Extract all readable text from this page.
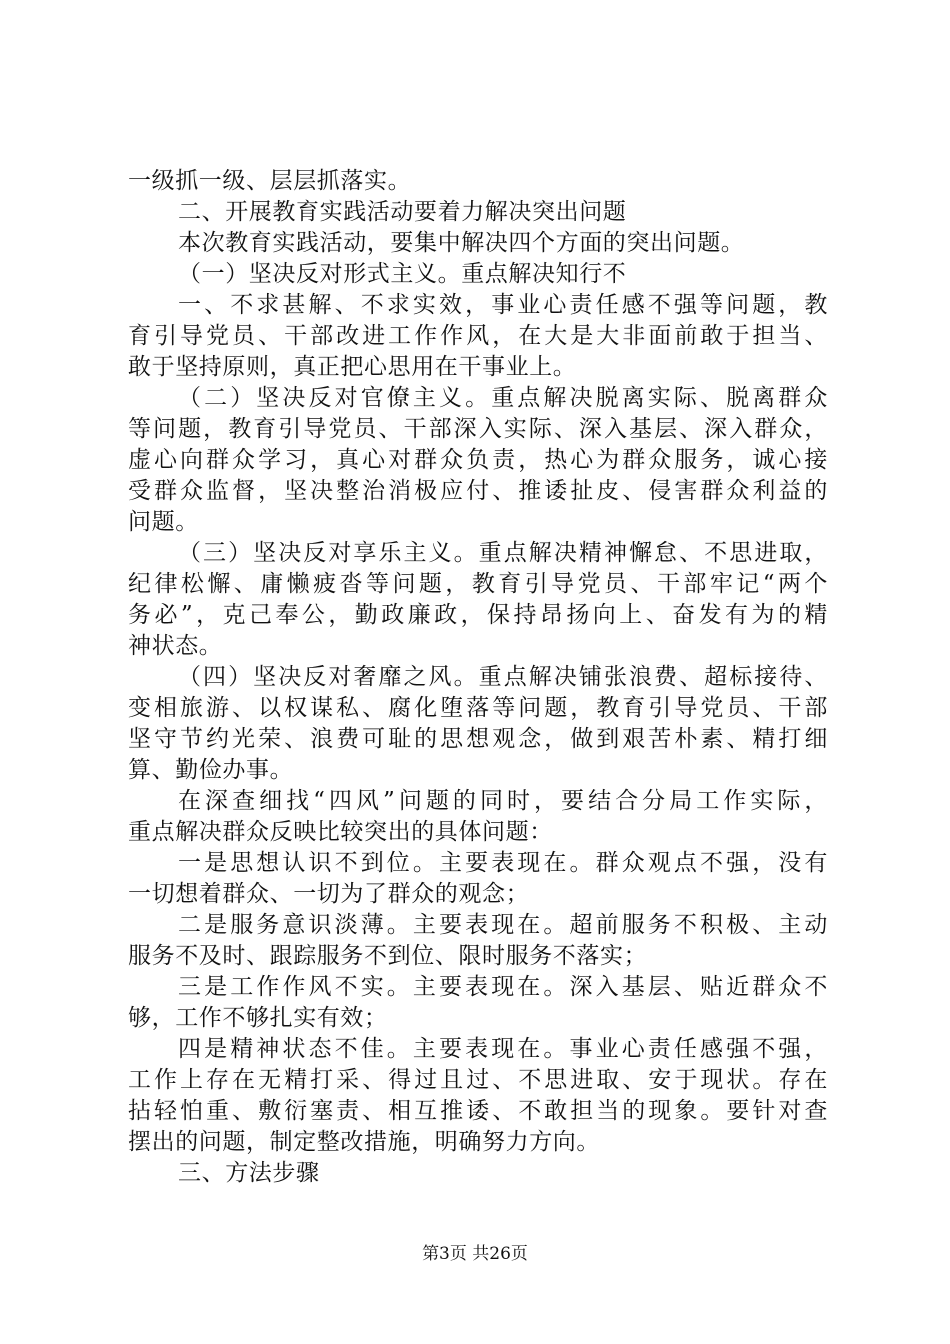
一级抓一级、层层抓落实。
二、开展教育实践活动要着力解决突出问题
本次教育实践活动，要集中解决四个方面的突出问题。
（一）坚决反对形式主义。重点解决知行不
一、不求甚解、不求实效，事业心责任感不强等问题，教
育引导党员、干部改进工作作风，在大是大非面前敢于担当、
敢于坚持原则，真正把心思用在干事业上。
（二）坚决反对官僚主义。重点解决脱离实际、脱离群众
等问题，教育引导党员、干部深入实际、深入基层、深入群众，
虚心向群众学习，真心对群众负责，热心为群众服务，诚心接
受群众监督，坚决整治消极应付、推诿扯皮、侵害群众利益的
问题。
（三）坚决反对享乐主义。重点解决精神懈怠、不思进取，
纪律松懈、庸懒疲沓等问题，教育引导党员、干部牢记“两个
务必”，克己奉公，勤政廉政，保持昂扬向上、奋发有为的精
神状态。
（四）坚决反对奢靡之风。重点解决铺张浪费、超标接待、
变相旅游、以权谋私、腐化堕落等问题，教育引导党员、干部
坚守节约光荣、浪费可耻的思想观念，做到艰苦朴素、精打细
算、勤俭办事。
在深查细找“四风”问题的同时，要结合分局工作实际，
重点解决群众反映比较突出的具体问题：
一是思想认识不到位。主要表现在。群众观点不强，没有
一切想着群众、一切为了群众的观念；
二是服务意识淡薄。主要表现在。超前服务不积极、主动
服务不及时、跟踪服务不到位、限时服务不落实；
三是工作作风不实。主要表现在。深入基层、贴近群众不
够，工作不够扎实有效；
四是精神状态不佳。主要表现在。事业心责任感强不强，
工作上存在无精打采、得过且过、不思进取、安于现状。存在
拈轻怕重、敷衍塞责、相互推诿、不敢担当的现象。要针对查
摆出的问题，制定整改措施，明确努力方向。
三、方法步骤
第3页 共26页
